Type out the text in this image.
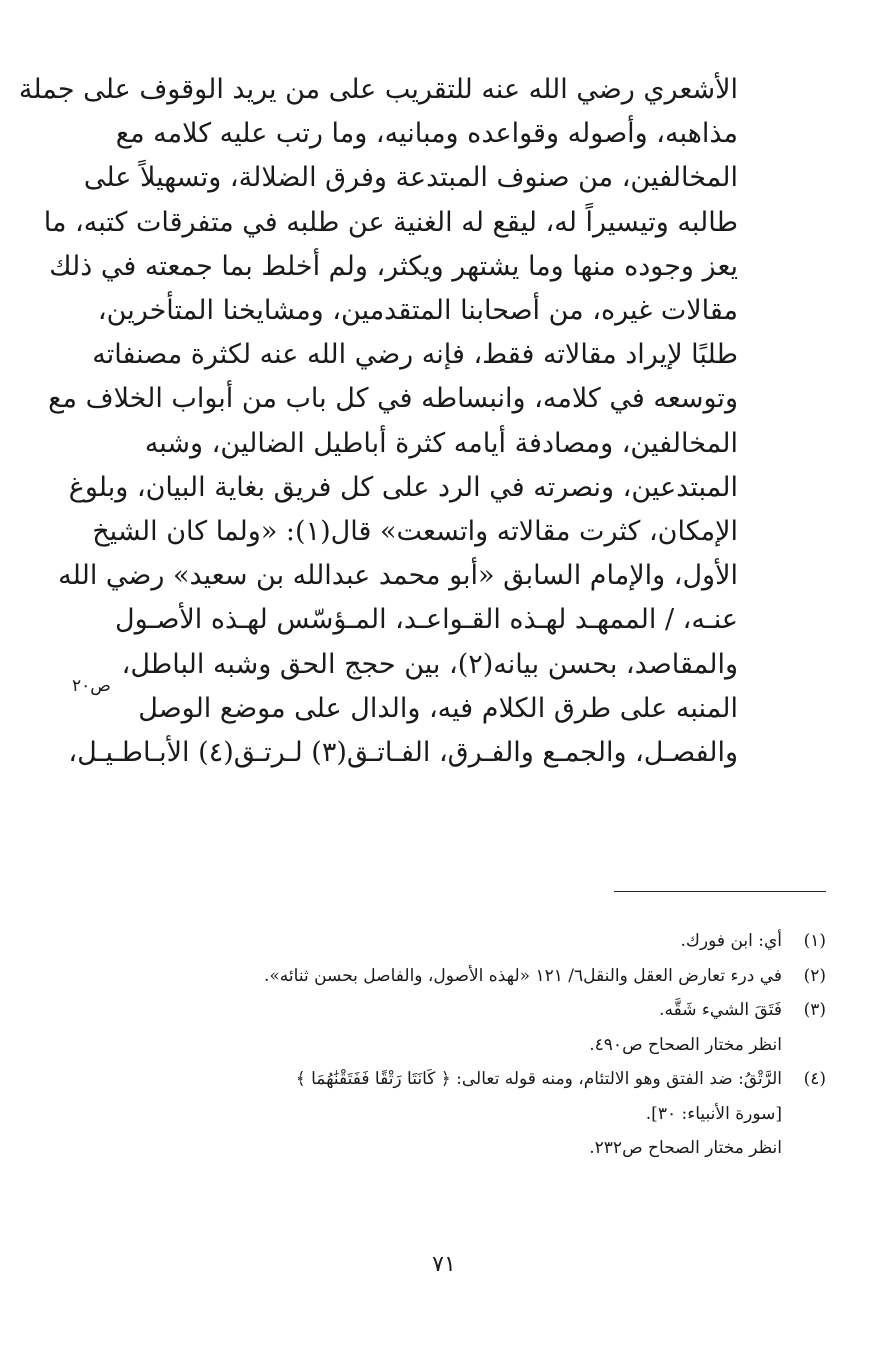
الأشعري رضي الله عنه للتقريب على من يريد الوقوف على جملة
مذاهبه، وأصوله وقواعده ومبانيه، وما رتب عليه كلامه مع
المخالفين، من صنوف المبتدعة وفرق الضلالة، وتسهيلاً على
طالبه وتيسيراً له، ليقع له الغنية عن طلبه في متفرقات كتبه، ما
يعز وجوده منها وما يشتهر ويكثر، ولم أخلط بما جمعته في ذلك
مقالات غيره، من أصحابنا المتقدمين، ومشايخنا المتأخرين،
طلبًا لإيراد مقالاته فقط، فإنه رضي الله عنه لكثرة مصنفاته
وتوسعه في كلامه، وانبساطه في كل باب من أبواب الخلاف مع
المخالفين، ومصادفة أيامه كثرة أباطيل الضالين، وشبه
المبتدعين، ونصرته في الرد على كل فريق بغاية البيان، وبلوغ
الإمكان، كثرت مقالاته واتسعت» قال(١): «ولما كان الشيخ
الأول، والإمام السابق «أبو محمد عبدالله بن سعيد» رضي الله
عنـه، / الممهـد لهـذه القـواعـد، المـؤسّس لهـذه الأصـول
والمقاصد، بحسن بيانه(٢)، بين حجج الحق وشبه الباطل،
المنبه على طرق الكلام فيه، والدال على موضع الوصل
والفصـل، والجمـع والفـرق، الفـاتـق(٣) لـرتـق(٤) الأبـاطـيـل،
ص٢٠
(١)
أي: ابن فورك.
(٢)
في درء تعارض العقل والنقل٦/ ١٢١ «لهذه الأصول، والفاصل بحسن ثنائه».
(٣)
فَتَقَ الشيء شَقَّه.
انظر مختار الصحاح ص٤٩٠.
(٤)
الرَّتْقُ: ضد الفتق وهو الالتئام، ومنه قوله تعالى: ﴿ كَانَتَا رَتْقًا فَفَتَقْنَٰهُمَا ﴾
[سورة الأنبياء: ٣٠].
انظر مختار الصحاح ص٢٣٢.
٧١
